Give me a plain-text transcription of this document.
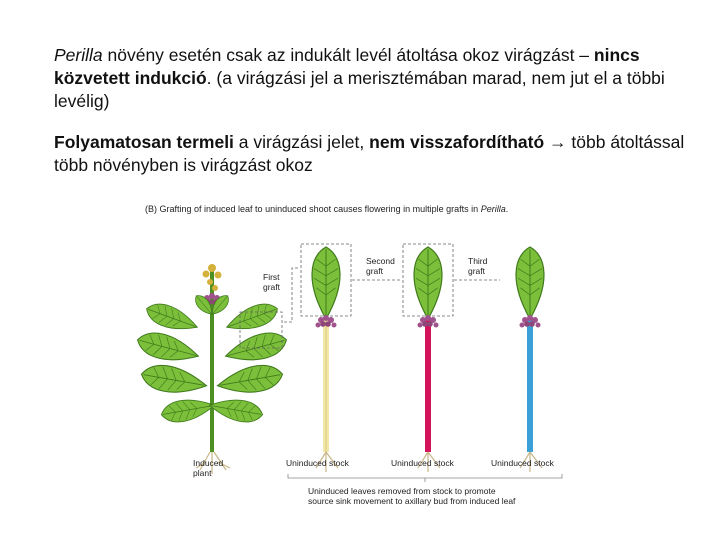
Perilla növény esetén csak az indukált levél átoltása okoz virágzást – nincs közvetett indukció. (a virágzási jel a merisztémában marad, nem jut el a többi levélig)

Folyamatosan termeli a virágzási jelet, nem visszafordítható → több átoltással több növényben is virágzást okoz

(B) Grafting of induced leaf to uninduced shoot causes flowering in multiple grafts in Perilla.
First
graft
Second
graft
Third
graft
Induced
plant
Uninduced stock	Uninduced stock	Uninduced stock
Uninduced leaves removed from stock to promote
source sink movement to axillary bud from induced leaf
